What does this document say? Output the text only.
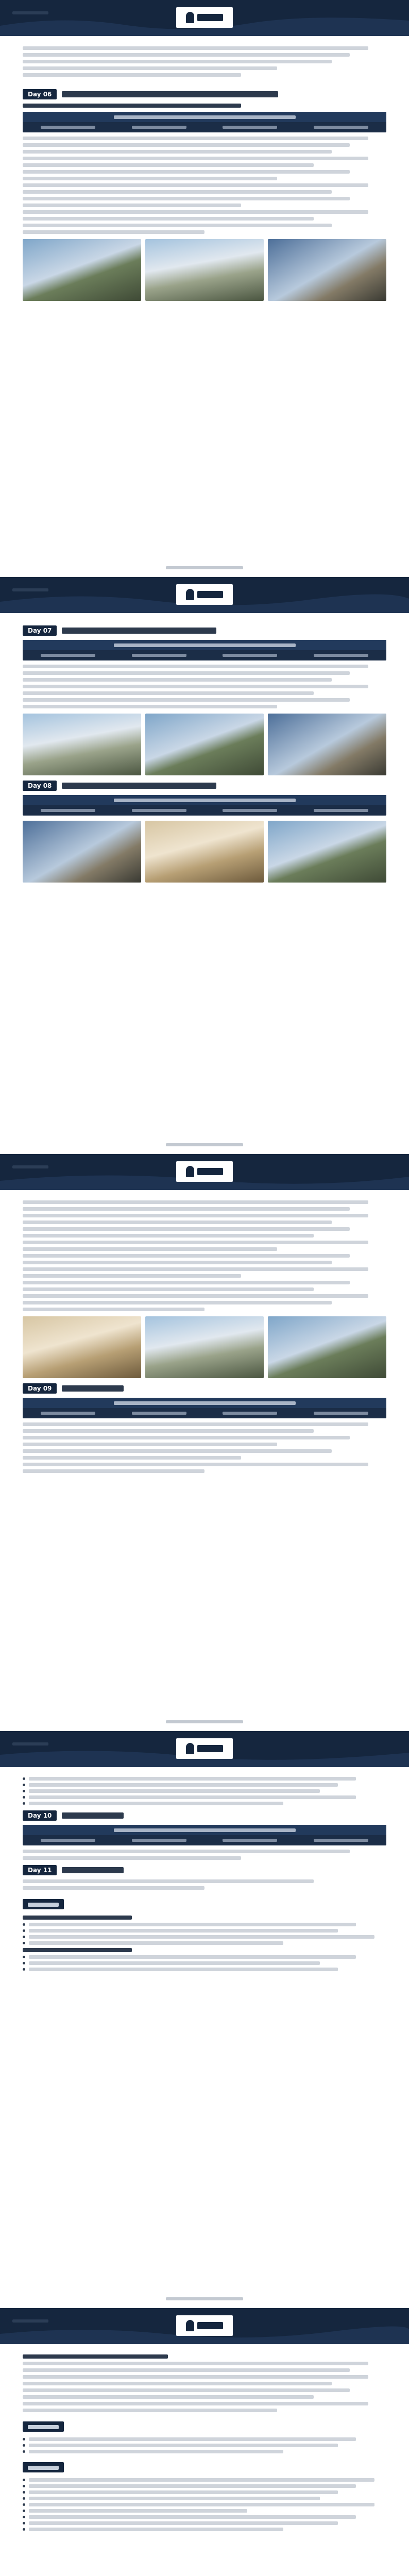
Day 06
Day 07
Day 08
Day 09
Day 10
Day 11
